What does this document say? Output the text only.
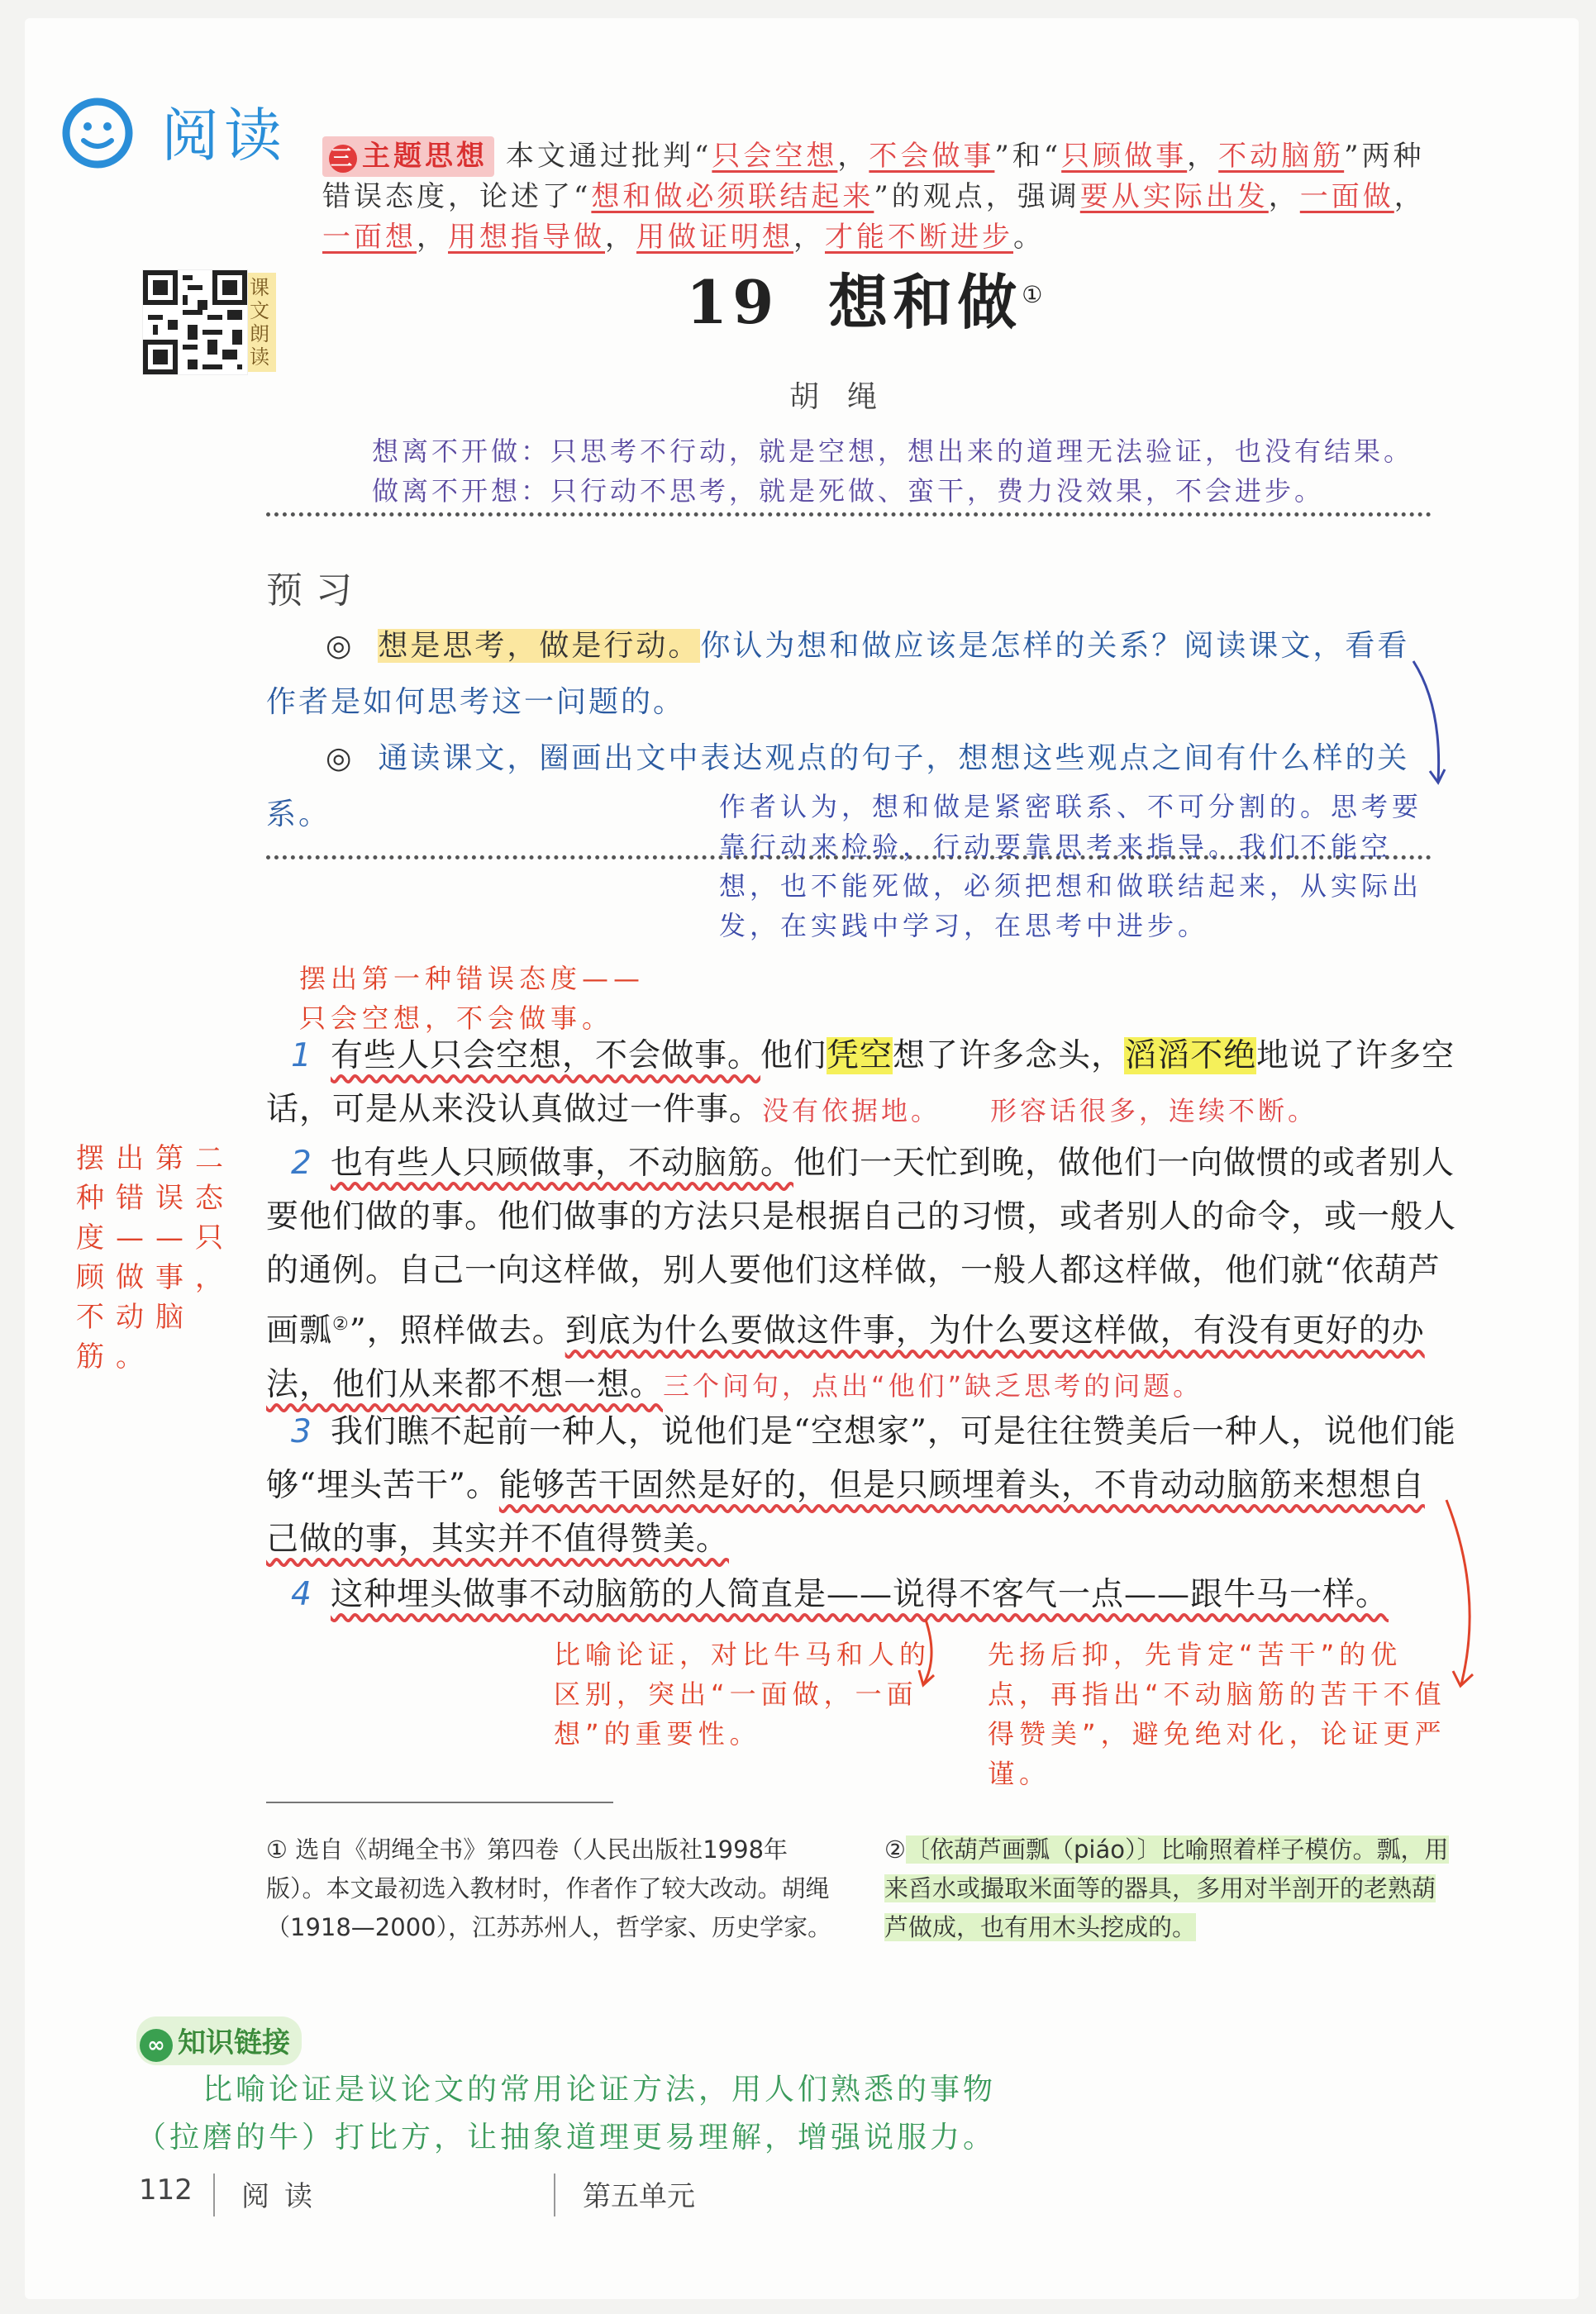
阅读	三 主题思想 本文通过批判“只会空想，不会做事”和“只顾做事，不动脑筋”两种错误态度，论述了“想和做必须联结起来”的观点，强调要从实际出发，一面做，一面想，用想指导做，用做证明想，才能不断进步。
课文朗读
19 想和做①
胡绳
想离不开做：只思考不行动，就是空想，想出来的道理无法验证，也没有结果。
做离不开想：只行动不思考，就是死做、蛮干，费力没效果，不会进步。
预习
◎ 想是思考，做是行动。你认为想和做应该是怎样的关系？阅读课文，看看作者是如何思考这一问题的。
◎ 通读课文，圈画出文中表达观点的句子，想想这些观点之间有什么样的关系。	作者认为，想和做是紧密联系、不可分割的。思考要靠行动来检验，行动要靠思考来指导。我们不能空想，也不能死做，必须把想和做联结起来，从实际出发，在实践中学习，在思考中进步。
摆出第一种错误态度——
只会空想，不会做事。
1 有些人只会空想，不会做事。他们凭空想了许多念头，滔滔不绝地说了许多空话，可是从来没认真做过一件事。没有依据地。 形容话很多，连续不断。
摆出第二种错误态度——只顾做事，不动脑筋。
2 也有些人只顾做事，不动脑筋。他们一天忙到晚，做他们一向做惯的或者别人要他们做的事。他们做事的方法只是根据自己的习惯，或者别人的命令，或一般人的通例。自己一向这样做，别人要他们这样做，一般人都这样做，他们就“依葫芦画瓢②”，照样做去。到底为什么要做这件事，为什么要这样做，有没有更好的办法，他们从来都不想一想。三个问句，点出“他们”缺乏思考的问题。
3 我们瞧不起前一种人，说他们是“空想家”，可是往往赞美后一种人，说他们能够“埋头苦干”。能够苦干固然是好的，但是只顾埋着头，不肯动动脑筋来想想自己做的事，其实并不值得赞美。
4 这种埋头做事不动脑筋的人简直是——说得不客气一点——跟牛马一样。
比喻论证，对比牛马和人的区别，突出“一面做，一面想”的重要性。
先扬后抑，先肯定“苦干”的优点，再指出“不动脑筋的苦干不值得赞美”，避免绝对化，论证更严谨。
① 选自《胡绳全书》第四卷（人民出版社1998年版）。本文最初选入教材时，作者作了较大改动。胡绳（1918—2000），江苏苏州人，哲学家、历史学家。
②〔依葫芦画瓢（piáo）〕比喻照着样子模仿。瓢，用来舀水或撮取米面等的器具，多用对半剖开的老熟葫芦做成，也有用木头挖成的。
∞ 知识链接
比喻论证是议论文的常用论证方法，用人们熟悉的事物（拉磨的牛）打比方，让抽象道理更易理解，增强说服力。
112 阅读	第五单元
